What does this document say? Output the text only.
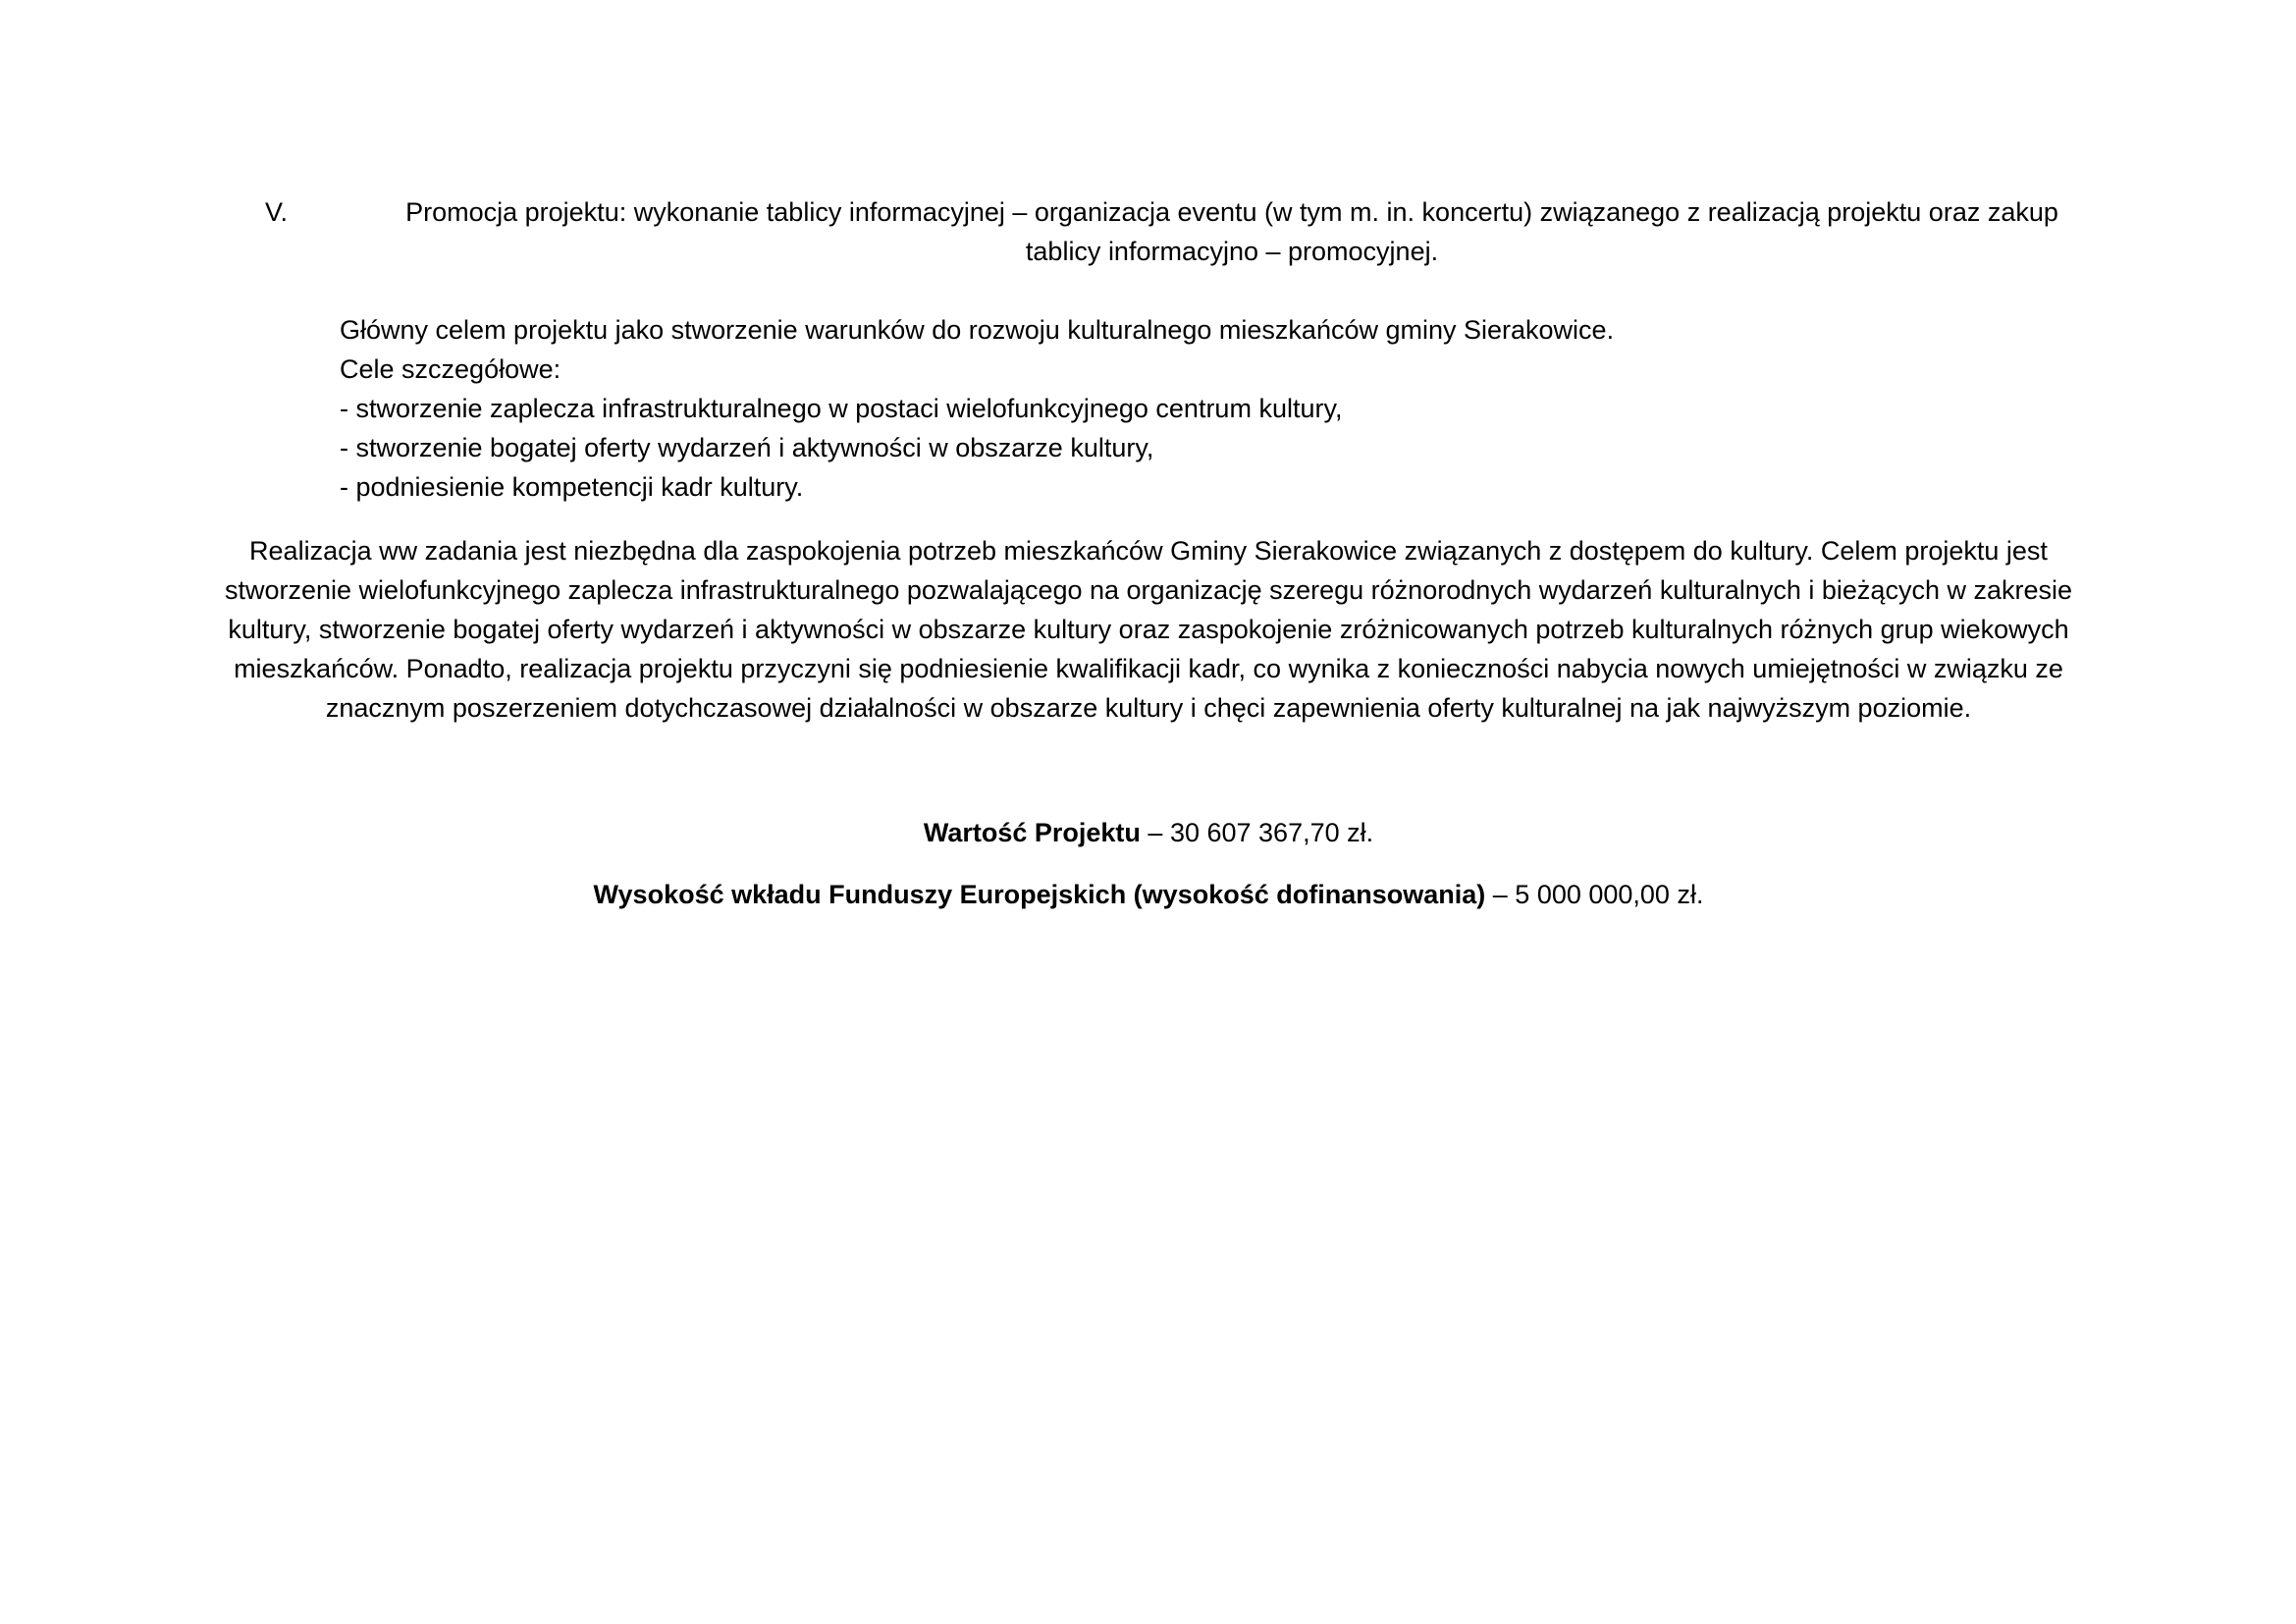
V.	Promocja projektu: wykonanie tablicy informacyjnej – organizacja eventu (w tym m. in. koncertu) związanego z realizacją projektu oraz zakup tablicy informacyjno – promocyjnej.

Główny celem projektu jako stworzenie warunków do rozwoju kulturalnego mieszkańców gminy Sierakowice.

Cele szczegółowe:

- stworzenie zaplecza infrastrukturalnego w postaci wielofunkcyjnego centrum kultury,

- stworzenie bogatej oferty wydarzeń i aktywności w obszarze kultury,

- podniesienie kompetencji kadr kultury.

Realizacja ww zadania jest niezbędna dla zaspokojenia potrzeb mieszkańców Gminy Sierakowice związanych z dostępem do kultury. Celem projektu jest stworzenie wielofunkcyjnego zaplecza infrastrukturalnego pozwalającego na organizację szeregu różnorodnych wydarzeń kulturalnych i bieżących w zakresie kultury, stworzenie bogatej oferty wydarzeń i aktywności w obszarze kultury oraz zaspokojenie zróżnicowanych potrzeb kulturalnych różnych grup wiekowych mieszkańców. Ponadto, realizacja projektu przyczyni się podniesienie kwalifikacji kadr, co wynika z konieczności nabycia nowych umiejętności w związku ze znacznym poszerzeniem dotychczasowej działalności w obszarze kultury i chęci zapewnienia oferty kulturalnej na jak najwyższym poziomie.

Wartość Projektu – 30 607 367,70 zł.

Wysokość wkładu Funduszy Europejskich (wysokość dofinansowania) – 5 000 000,00 zł.
